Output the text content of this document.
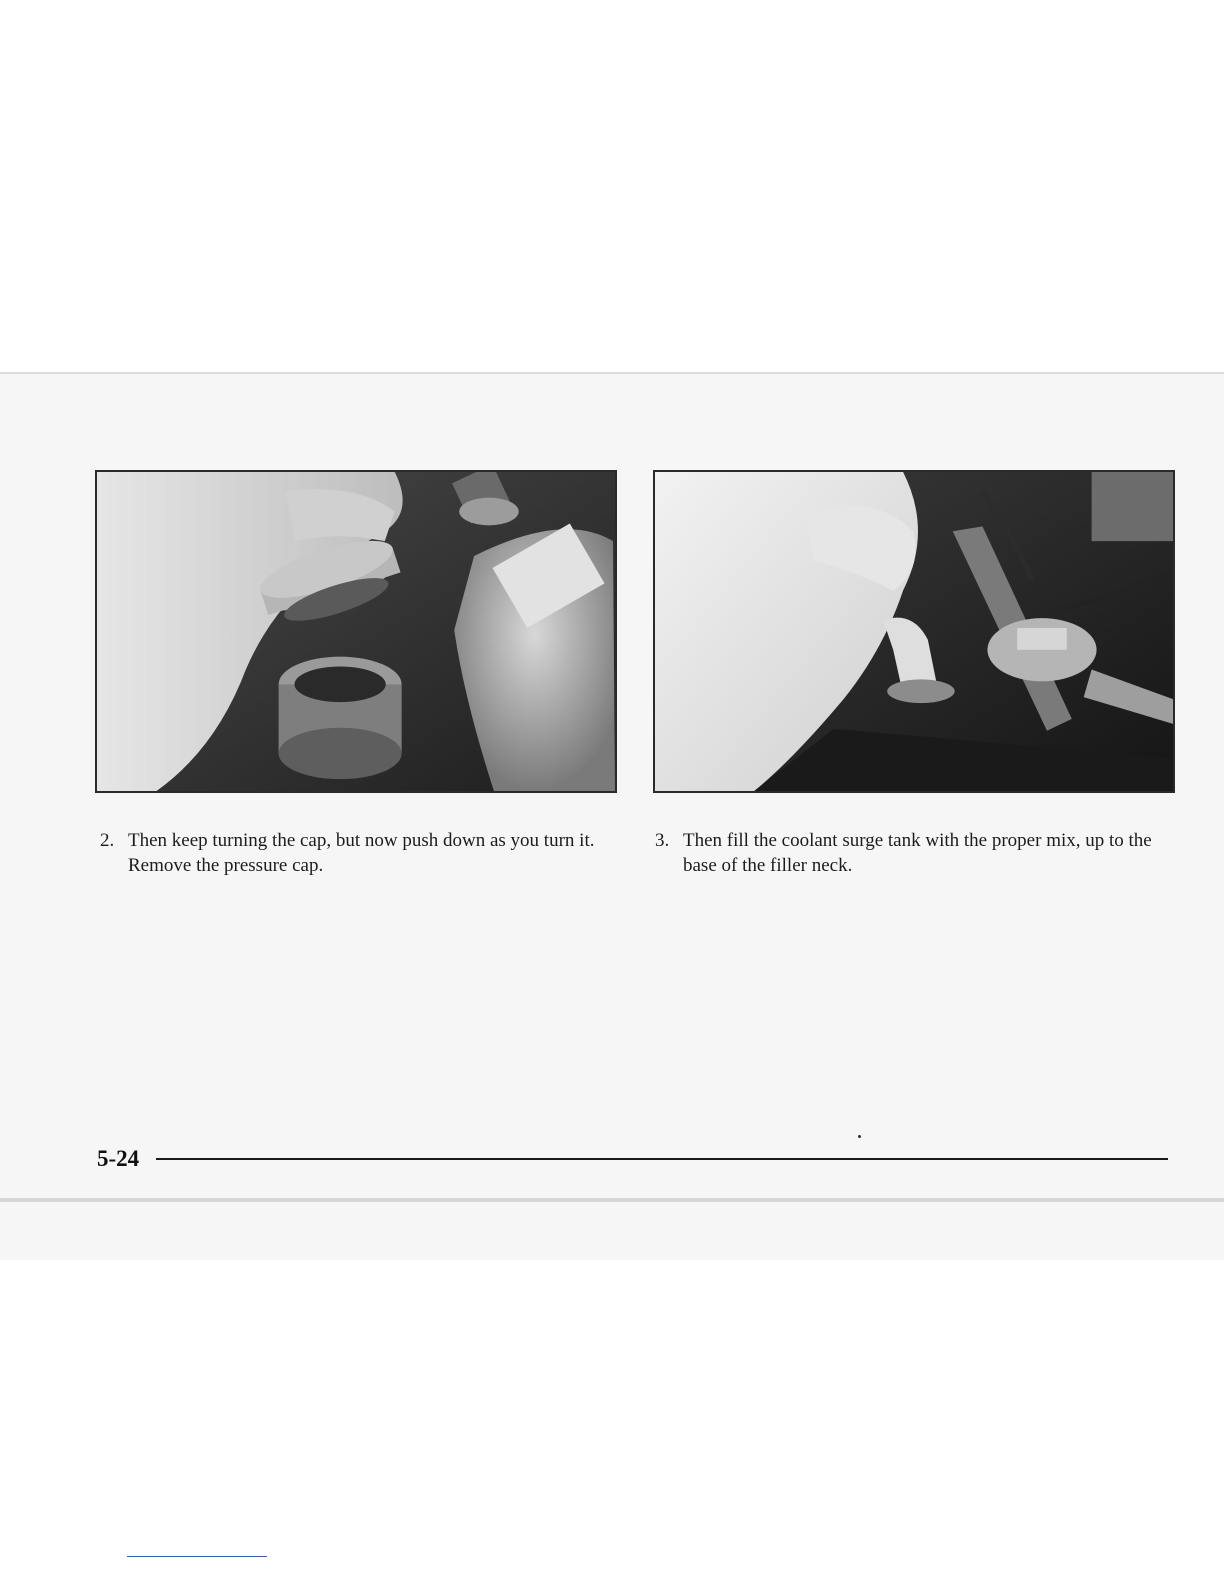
2. Then keep turning the cap, but now push down as you turn it. Remove the pressure cap.
3. Then fill the coolant surge tank with the proper mix, up to the base of the filler neck.
5-24
